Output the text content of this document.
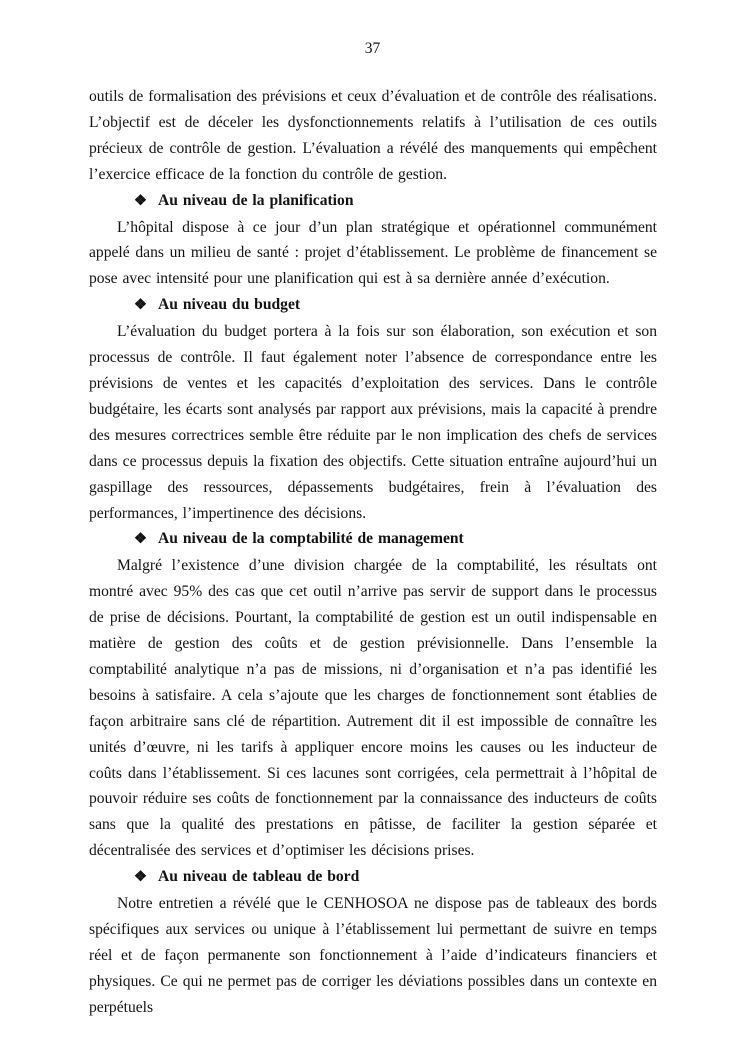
37

outils de formalisation des prévisions et ceux d’évaluation et de contrôle des réalisations. L’objectif est de déceler les dysfonctionnements relatifs à l’utilisation de ces outils précieux de contrôle de gestion. L’évaluation a révélé des manquements qui empêchent l’exercice efficace de la fonction du contrôle de gestion.

❖ Au niveau de la planification

L’hôpital dispose à ce jour d’un plan stratégique et opérationnel communément appelé dans un milieu de santé : projet d’établissement. Le problème de financement se pose avec intensité pour une planification qui est à sa dernière année d’exécution.

❖ Au niveau du budget

L’évaluation du budget portera à la fois sur son élaboration, son exécution et son processus de contrôle. Il faut également noter l’absence de correspondance entre les prévisions de ventes et les capacités d’exploitation des services. Dans le contrôle budgétaire, les écarts sont analysés par rapport aux prévisions, mais la capacité à prendre des mesures correctrices semble être réduite par le non implication des chefs de services dans ce processus depuis la fixation des objectifs. Cette situation entraîne aujourd’hui un gaspillage des ressources, dépassements budgétaires, frein à l’évaluation des performances, l’impertinence des décisions.

❖ Au niveau de la comptabilité de management

Malgré l’existence d’une division chargée de la comptabilité, les résultats ont montré avec 95% des cas que cet outil n’arrive pas servir de support dans le processus de prise de décisions. Pourtant, la comptabilité de gestion est un outil indispensable en matière de gestion des coûts et de gestion prévisionnelle. Dans l’ensemble la comptabilité analytique n’a pas de missions, ni d’organisation et n’a pas identifié les besoins à satisfaire. A cela s’ajoute que les charges de fonctionnement sont établies de façon arbitraire sans clé de répartition. Autrement dit il est impossible de connaître les unités d’œuvre, ni les tarifs à appliquer encore moins les causes ou les inducteur de coûts dans l’établissement. Si ces lacunes sont corrigées, cela permettrait à l’hôpital de pouvoir réduire ses coûts de fonctionnement par la connaissance des inducteurs de coûts sans que la qualité des prestations en pâtisse, de faciliter la gestion séparée et décentralisée des services et d’optimiser les décisions prises.

❖ Au niveau de tableau de bord

Notre entretien a révélé que le CENHOSOA ne dispose pas de tableaux des bords spécifiques aux services ou unique à l’établissement lui permettant de suivre en temps réel et de façon permanente son fonctionnement à l’aide d’indicateurs financiers et physiques. Ce qui ne permet pas de corriger les déviations possibles dans un contexte en perpétuels
